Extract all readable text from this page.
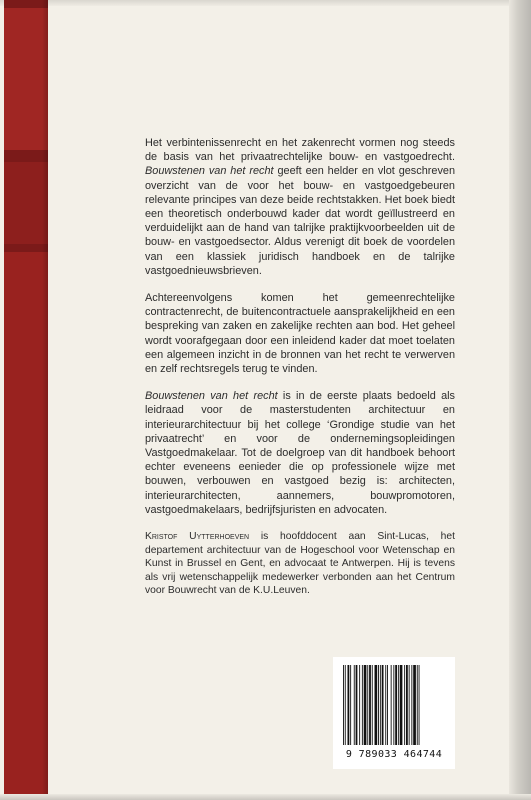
Het verbintenissenrecht en het zakenrecht vormen nog steeds de basis van het privaatrechtelijke bouw- en vastgoedrecht. Bouwstenen van het recht geeft een helder en vlot geschreven overzicht van de voor het bouw- en vastgoedgebeuren relevante principes van deze beide rechtstakken. Het boek biedt een theoretisch onderbouwd kader dat wordt geïllustreerd en verduidelijkt aan de hand van talrijke praktijkvoorbeelden uit de bouw- en vastgoedsector. Aldus verenigt dit boek de voordelen van een klassiek juridisch handboek en de talrijke vastgoednieuwsbrieven.

Achtereenvolgens komen het gemeenrechtelijke contractenrecht, de buitencontractuele aansprakelijkheid en een bespreking van zaken en zakelijke rechten aan bod. Het geheel wordt voorafgegaan door een inleidend kader dat moet toelaten een algemeen inzicht in de bronnen van het recht te verwerven en zelf rechtsregels terug te vinden.

Bouwstenen van het recht is in de eerste plaats bedoeld als leidraad voor de masterstudenten architectuur en interieurarchitectuur bij het college ‘Grondige studie van het privaatrecht’ en voor de ondernemingsopleidingen Vastgoedmakelaar. Tot de doelgroep van dit handboek behoort echter eveneens eenieder die op professionele wijze met bouwen, verbouwen en vastgoed bezig is: architecten, interieurarchitecten, aannemers, bouwpromotoren, vastgoedmakelaars, bedrijfsjuristen en advocaten.

Kristof Uytterhoeven is hoofddocent aan Sint-Lucas, het departement architectuur van de Hogeschool voor Wetenschap en Kunst in Brussel en Gent, en advocaat te Antwerpen. Hij is tevens als vrij wetenschappelijk medewerker verbonden aan het Centrum voor Bouwrecht van de K.U.Leuven.

9 789033 464744
